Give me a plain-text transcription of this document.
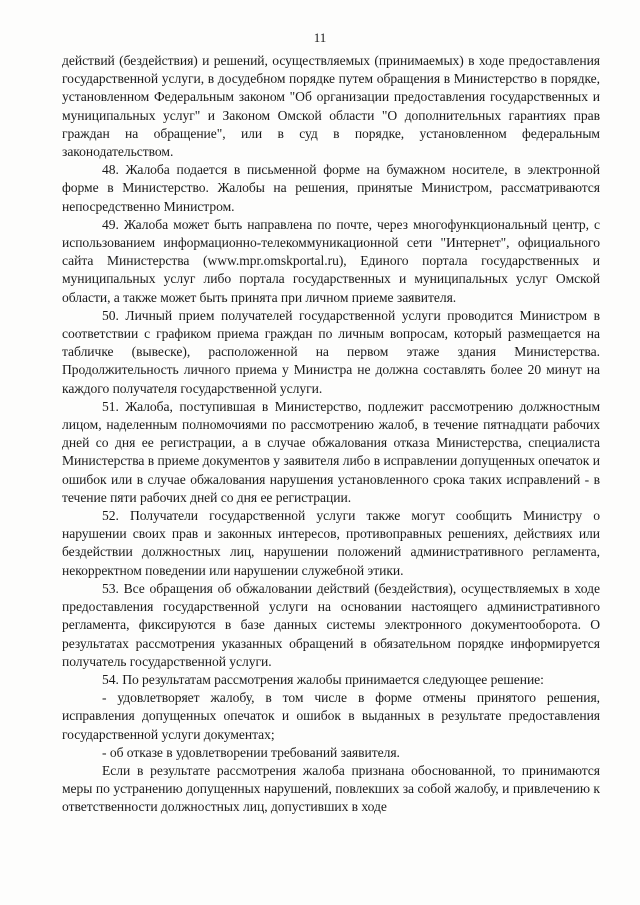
11

действий (бездействия) и решений, осуществляемых (принимаемых) в ходе предоставления государственной услуги, в досудебном порядке путем обращения в Министерство в порядке, установленном Федеральным законом "Об организации предоставления государственных и муниципальных услуг" и Законом Омской области "О дополнительных гарантиях прав граждан на обращение", или в суд в порядке, установленном федеральным законодательством.

48. Жалоба подается в письменной форме на бумажном носителе, в электронной форме в Министерство. Жалобы на решения, принятые Министром, рассматриваются непосредственно Министром.

49. Жалоба может быть направлена по почте, через многофункциональный центр, с использованием информационно-телекоммуникационной сети "Интернет", официального сайта Министерства (www.mpr.omskportal.ru), Единого портала государственных и муниципальных услуг либо портала государственных и муниципальных услуг Омской области, а также может быть принята при личном приеме заявителя.

50. Личный прием получателей государственной услуги проводится Министром в соответствии с графиком приема граждан по личным вопросам, который размещается на табличке (вывеске), расположенной на первом этаже здания Министерства. Продолжительность личного приема у Министра не должна составлять более 20 минут на каждого получателя государственной услуги.

51. Жалоба, поступившая в Министерство, подлежит рассмотрению должностным лицом, наделенным полномочиями по рассмотрению жалоб, в течение пятнадцати рабочих дней со дня ее регистрации, а в случае обжалования отказа Министерства, специалиста Министерства в приеме документов у заявителя либо в исправлении допущенных опечаток и ошибок или в случае обжалования нарушения установленного срока таких исправлений - в течение пяти рабочих дней со дня ее регистрации.

52. Получатели государственной услуги также могут сообщить Министру о нарушении своих прав и законных интересов, противоправных решениях, действиях или бездействии должностных лиц, нарушении положений административного регламента, некорректном поведении или нарушении служебной этики.

53. Все обращения об обжаловании действий (бездействия), осуществляемых в ходе предоставления государственной услуги на основании настоящего административного регламента, фиксируются в базе данных системы электронного документооборота. О результатах рассмотрения указанных обращений в обязательном порядке информируется получатель государственной услуги.

54. По результатам рассмотрения жалобы принимается следующее решение:

- удовлетворяет жалобу, в том числе в форме отмены принятого решения, исправления допущенных опечаток и ошибок в выданных в результате предоставления государственной услуги документах;

- об отказе в удовлетворении требований заявителя.

Если в результате рассмотрения жалоба признана обоснованной, то принимаются меры по устранению допущенных нарушений, повлекших за собой жалобу, и привлечению к ответственности должностных лиц, допустивших в ходе
